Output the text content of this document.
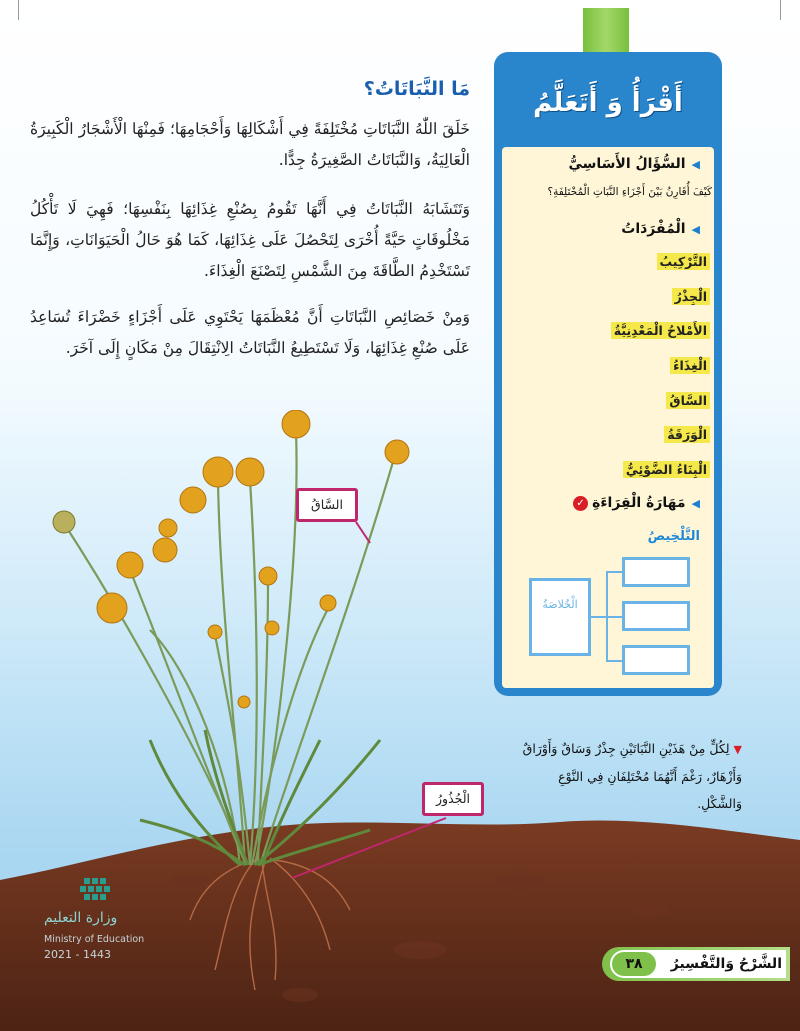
مَا النَّبَاتَاتُ؟
خَلَقَ اللّٰهُ النَّبَاتَاتِ مُخْتَلِفَةً فِي أَشْكَالِهَا وَأَحْجَامِهَا؛ فَمِنْهَا الْأَشْجَارُ الْكَبِيرَةُ الْعَالِيَةُ، وَالنَّبَاتَاتُ الصَّغِيرَةُ جِدًّا.
وَتَتَشَابَهُ النَّبَاتَاتُ فِي أَنَّهَا تَقُومُ بِصُنْعِ غِذَائِهَا بِنَفْسِهَا؛ فَهِيَ لَا تَأْكُلُ مَخْلُوقَاتٍ حَيَّةً أُخْرَى لِتَحْصُلَ عَلَى غِذَائِهَا، كَمَا هُوَ حَالُ الْحَيَوَانَاتِ، وَإِنَّمَا تَسْتَخْدِمُ الطَّاقَةَ مِنَ الشَّمْسِ لِتَصْنَعَ الْغِذَاءَ.
وَمِنْ خَصَائِصِ النَّبَاتَاتِ أَنَّ مُعْظَمَهَا يَحْتَوِي عَلَى أَجْزَاءٍ خَضْرَاءَ تُسَاعِدُ عَلَى صُنْعِ غِذَائِهَا، وَلَا تَسْتَطِيعُ النَّبَاتَاتُ الِانْتِقَالَ مِنْ مَكَانٍ إِلَى آخَرَ.
أَقْرَأُ وَ أَتَعَلَّمُ
◀السُّؤَالُ الأَسَاسِيُّ
كَيْفَ أُقَارِنُ بَيْنَ أَجْزَاءِ النَّبَاتِ الْمُخْتَلِفَةِ؟
◀الْمُفْرَدَاتُ
التَّرْكِيبُ
الْجِذْرُ
الأَمْلاحُ الْمَعْدِنِيَّةُ
الْغِذَاءُ
السَّاقُ
الْوَرَقَةُ
الْبِنَاءُ الضَّوْئِيُّ
◀مَهَارَةُ الْقِرَاءَةِ✓
التَّلْخِيصُ
الْخُلاصَةُ
▼لِكُلٍّ مِنْ هَذَيْنِ النَّبَاتَيْنِ جِذْرٌ وَسَاقٌ وَأَوْرَاقٌ وَأَزْهَارٌ، رَغْمَ أَنَّهُمَا مُخْتَلِفَانِ فِي النَّوْعِ وَالشَّكْلِ.
السَّاقُ
الْجُذُورُ
وزارة التعليم
Ministry of Education
2021 - 1443
٣٨	الشَّرْحُ وَالتَّفْسِيرُ
